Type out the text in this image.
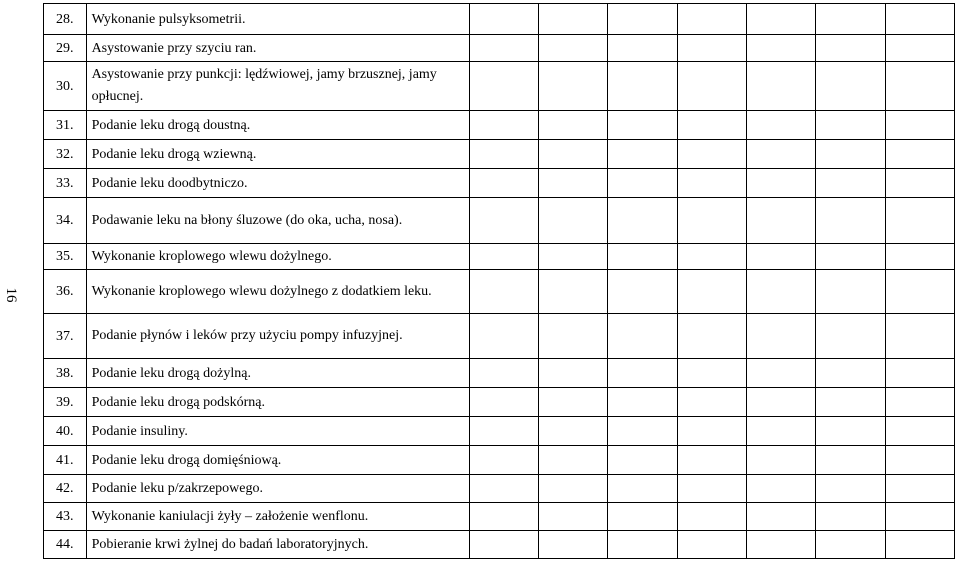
16
28.	Wykonanie pulsyksometrii.							
29.	Asystowanie przy szyciu ran.							
30.	Asystowanie przy punkcji: lędźwiowej, jamy brzusznej, jamy opłucnej.							
31.	Podanie leku drogą doustną.							
32.	Podanie leku drogą wziewną.							
33.	Podanie leku doodbytniczo.							
34.	Podawanie leku na błony śluzowe (do oka, ucha, nosa).							
35.	Wykonanie kroplowego wlewu dożylnego.							
36.	Wykonanie kroplowego wlewu dożylnego z dodatkiem leku.							
37.	Podanie płynów i leków przy użyciu pompy infuzyjnej.							
38.	Podanie leku drogą dożylną.							
39.	Podanie leku drogą podskórną.							
40.	Podanie insuliny.							
41.	Podanie leku drogą domięśniową.							
42.	Podanie leku p/zakrzepowego.							
43.	Wykonanie kaniulacji żyły – założenie wenflonu.							
44.	Pobieranie krwi żylnej do badań laboratoryjnych.							
